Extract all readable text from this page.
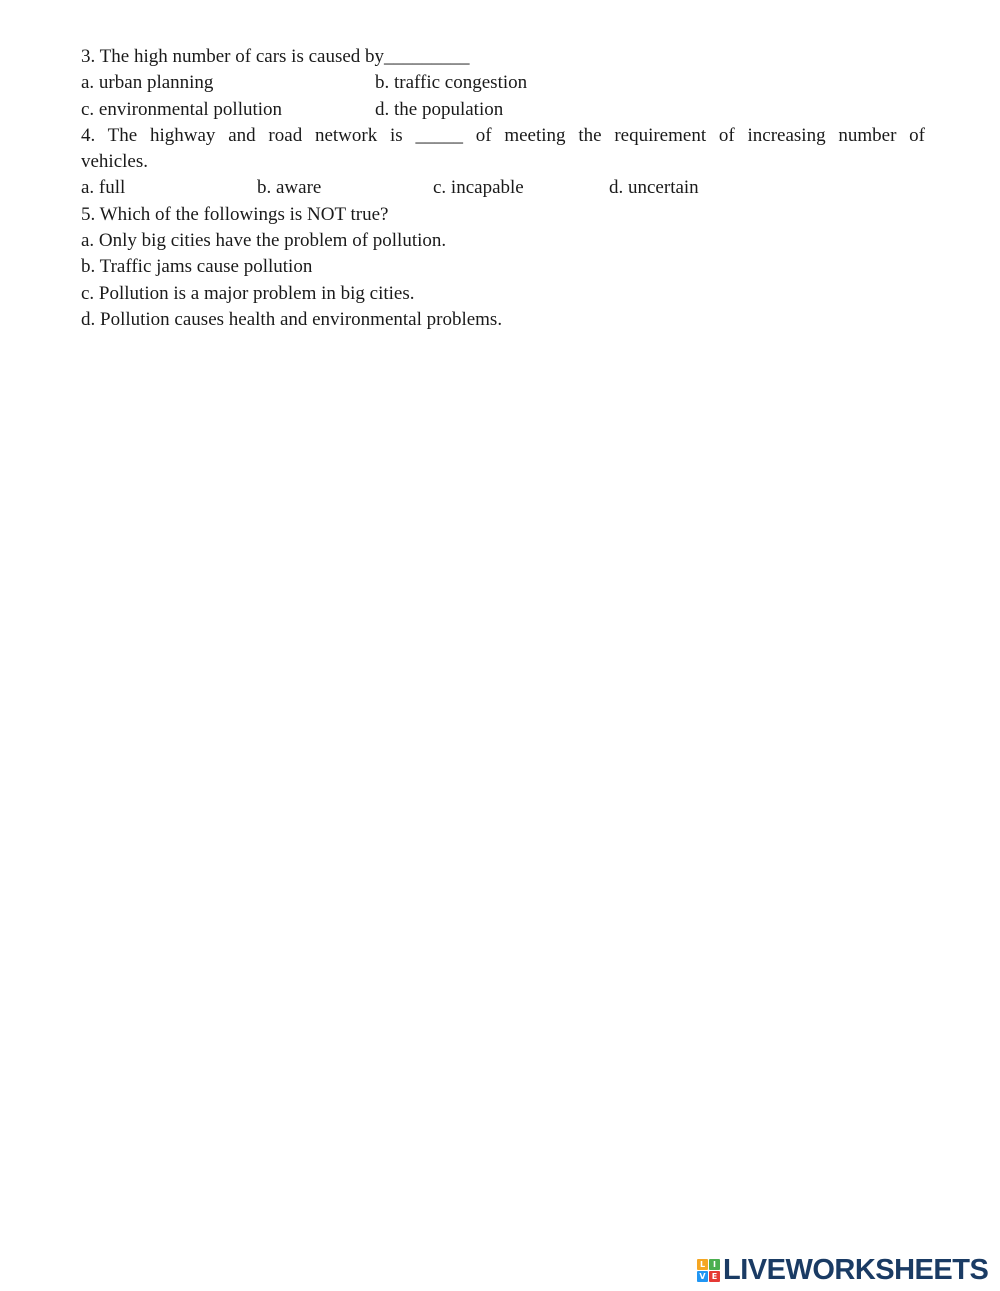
3. The high number of cars is caused by_________
a. urban planning	b. traffic congestion
c. environmental pollution	d. the population
4. The highway and road network is _____ of meeting the requirement of increasing number of
vehicles.
a. full	b. aware	c. incapable	d. uncertain
5. Which of the followings is NOT true?
a. Only big cities have the problem of pollution.
b. Traffic jams cause pollution
c. Pollution is a major problem in big cities.
d. Pollution causes health and environmental problems.
L I
V E LIVEWORKSHEETS
